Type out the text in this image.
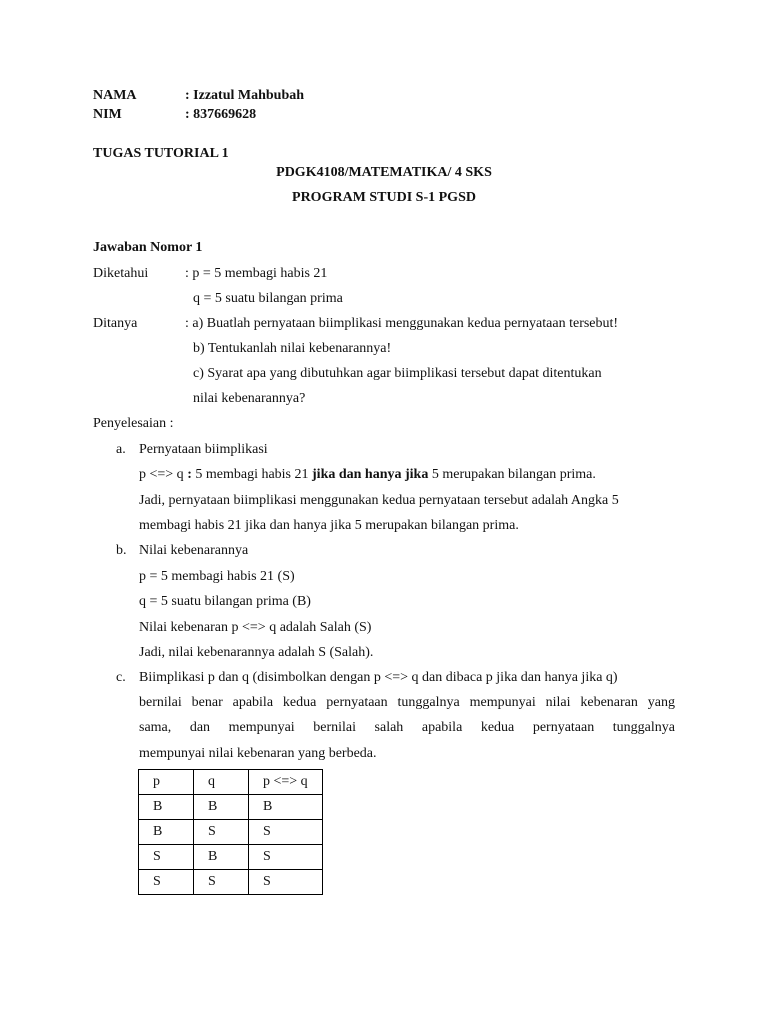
NAMA	: Izzatul Mahbubah
NIM	: 837669628
TUGAS TUTORIAL 1
PDGK4108/MATEMATIKA/ 4 SKS
PROGRAM STUDI S-1 PGSD
Jawaban Nomor 1
Diketahui	: p = 5 membagi habis 21
q = 5 suatu bilangan prima
Ditanya	: a) Buatlah pernyataan biimplikasi menggunakan kedua pernyataan tersebut!
b) Tentukanlah nilai kebenarannya!
c) Syarat apa yang dibutuhkan agar biimplikasi tersebut dapat ditentukan
nilai kebenarannya?
Penyelesaian :
a. Pernyataan biimplikasi
p <=> q : 5 membagi habis 21 jika dan hanya jika 5 merupakan bilangan prima.
Jadi, pernyataan biimplikasi menggunakan kedua pernyataan tersebut adalah Angka 5
membagi habis 21 jika dan hanya jika 5 merupakan bilangan prima.
b. Nilai kebenarannya
p = 5 membagi habis 21 (S)
q = 5 suatu bilangan prima (B)
Nilai kebenaran p <=> q adalah Salah (S)
Jadi, nilai kebenarannya adalah S (Salah).
c. Biimplikasi p dan q (disimbolkan dengan p <=> q dan dibaca p jika dan hanya jika q)
bernilai benar apabila kedua pernyataan tunggalnya mempunyai nilai kebenaran yang
sama, dan mempunyai bernilai salah apabila kedua pernyataan tunggalnya
mempunyai nilai kebenaran yang berbeda.
p	q	p <=> q
B	B	B
B	S	S
S	B	S
S	S	S
